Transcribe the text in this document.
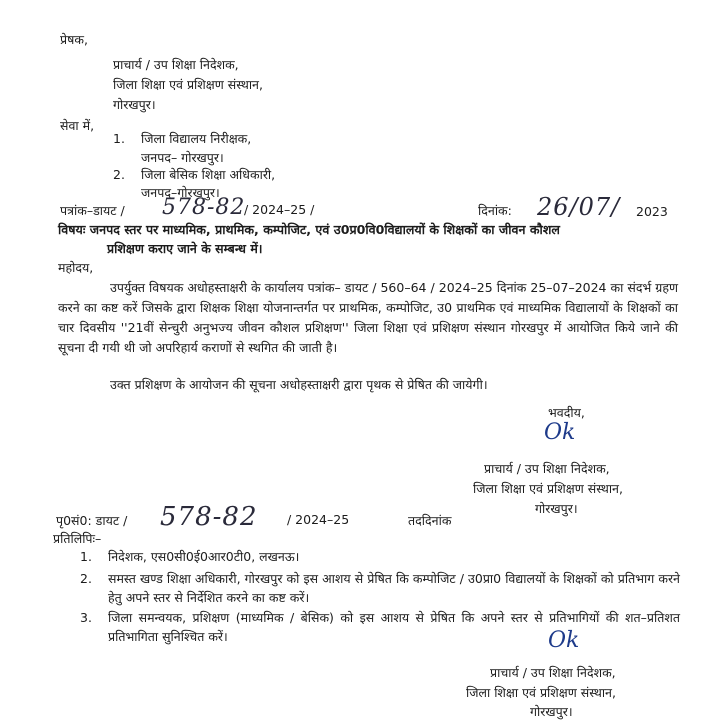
प्रेषक,
प्राचार्य / उप शिक्षा निदेशक,
जिला शिक्षा एवं प्रशिक्षण संस्थान,
गोरखपुर।
सेवा में,
1. जिला विद्यालय निरीक्षक,
जनपद– गोरखपुर।
2. जिला बेसिक शिक्षा अधिकारी,
जनपद–गोरखपुर।
पत्रांक–डायट / 578-82
/ 2024–25 /	दिनांक: 26/07/ 2023
विषयः जनपद स्तर पर माध्यमिक, प्राथमिक, कम्पोजिट, एवं उ0प्र0वि0विद्यालयों के शिक्षकों का जीवन कौशल
प्रशिक्षण कराए जाने के सम्बन्ध में।
महोदय,
उपर्युक्त विषयक अधोहस्ताक्षरी के कार्यालय पत्रांक– डायट / 560–64 / 2024–25 दिनांक 25–07–2024 का संदर्भ ग्रहण करने का कष्ट करें जिसके द्वारा शिक्षक शिक्षा योजनान्तर्गत पर प्राथमिक, कम्पोजिट, उ0 प्राथमिक एवं माध्यमिक विद्यालायों के शिक्षकों का चार दिवसीय ''21वीं सेन्चुरी अनुभज्य जीवन कौशल प्रशिक्षण'' जिला शिक्षा एवं प्रशिक्षण संस्थान गोरखपुर में आयोजित किये जाने की सूचना दी गयी थी जो अपरिहार्य कराणों से स्थगित की जाती है।
उक्त प्रशिक्षण के आयोजन की सूचना अधोहस्ताक्षरी द्वारा पृथक से प्रेषित की जायेगी।
भवदीय,
Ok
प्राचार्य / उप शिक्षा निदेशक,
जिला शिक्षा एवं प्रशिक्षण संस्थान,
गोरखपुर।
पृ0सं0: डायट / 578-82 / 2024–25	तददिनांक
प्रतिलिपिः–
1. निदेशक, एस0सी0ई0आर0टी0, लखनऊ।
2.	समस्त खण्ड शिक्षा अधिकारी, गोरखपुर को इस आशय से प्रेषित कि कम्पोजिट / उ0प्रा0 विद्यालयों के शिक्षकों को प्रतिभाग करने हेतु अपने स्तर से निर्देशित करने का कष्ट करें।
3.	जिला समन्वयक, प्रशिक्षण (माध्यमिक / बेसिक) को इस आशय से प्रेषित कि अपने स्तर से प्रतिभागियों की शत–प्रतिशत प्रतिभागिता सुनिश्चित करें।	Ok
प्राचार्य / उप शिक्षा निदेशक,
जिला शिक्षा एवं प्रशिक्षण संस्थान,
गोरखपुर।
